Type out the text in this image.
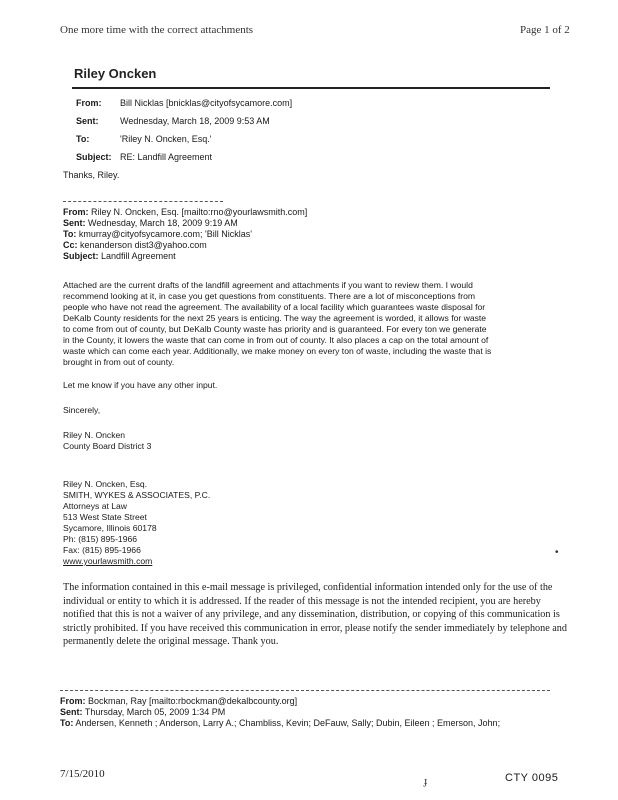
One more time with the correct attachments	Page 1 of 2
Riley Oncken
From: Bill Nicklas [bnicklas@cityofsycamore.com]
Sent: Wednesday, March 18, 2009 9:53 AM
To:	'Riley N. Oncken, Esq.'
Subject: RE: Landfill Agreement
Thanks, Riley.
From: Riley N. Oncken, Esq. [mailto:rno@yourlawsmith.com]
Sent: Wednesday, March 18, 2009 9:19 AM
To: kmurray@cityofsycamore.com; 'Bill Nicklas'
Cc: kenanderson dist3@yahoo.com
Subject: Landfill Agreement
Attached are the current drafts of the landfill agreement and attachments if you want to review them. I would
recommend looking at it, in case you get questions from constituents. There are a lot of misconceptions from
people who have not read the agreement. The availability of a local facility which guarantees waste disposal for
DeKalb County residents for the next 25 years is enticing. The way the agreement is worded, it allows for waste
to come from out of county, but DeKalb County waste has priority and is guaranteed. For every ton we generate
in the County, it lowers the waste that can come in from out of county. It also places a cap on the total amount of
waste which can come each year. Additionally, we make money on every ton of waste, including the waste that is
brought in from out of county.
Let me know if you have any other input.
Sincerely,
Riley N. Oncken
County Board District 3
Riley N. Oncken, Esq.
SMITH, WYKES & ASSOCIATES, P.C.
Attorneys at Law
513 West State Street
Sycamore, Illinois 60178
Ph: (815) 895-1966
Fax: (815) 895-1966
www.yourlawsmith.com
•
The information contained in this e-mail message is privileged, confidential information intended only for the use of the individual or entity to which it is addressed. If the reader of this message is not the intended recipient, you are hereby notified that this is not a waiver of any privilege, and any dissemination, distribution, or copying of this communication is strictly prohibited. If you have received this communication in error, please notify the sender immediately by telephone and permanently delete the original message. Thank you.
From: Bockman, Ray [mailto:rbockman@dekalbcounty.org]
Sent: Thursday, March 05, 2009 1:34 PM
To: Andersen, Kenneth ; Anderson, Larry A.; Chambliss, Kevin; DeFauw, Sally; Dubin, Eileen ; Emerson, John;
7/15/2010
ɟ	CTY 0095
